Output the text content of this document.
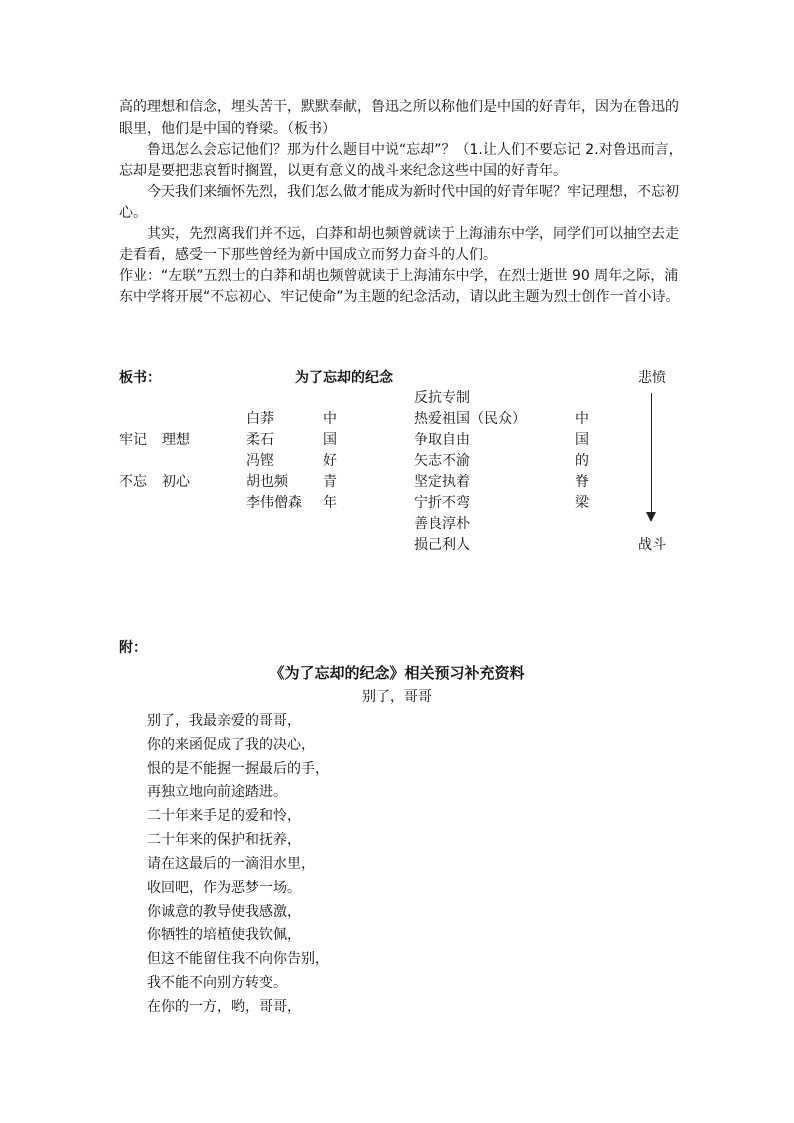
高的理想和信念，埋头苦干，默默奉献，鲁迅之所以称他们是中国的好青年，因为在鲁迅的
眼里，他们是中国的脊梁。（板书）
鲁迅怎么会忘记他们？那为什么题目中说“忘却”？（1.让人们不要忘记 2.对鲁迅而言，
忘却是要把悲哀暂时搁置，以更有意义的战斗来纪念这些中国的好青年。
今天我们来缅怀先烈，我们怎么做才能成为新时代中国的好青年呢？牢记理想，不忘初
心。
其实，先烈离我们并不远，白莽和胡也频曾就读于上海浦东中学，同学们可以抽空去走
走看看，感受一下那些曾经为新中国成立而努力奋斗的人们。
作业：“左联”五烈士的白莽和胡也频曾就读于上海浦东中学，在烈士逝世 90 周年之际，浦
东中学将开展“不忘初心、牢记使命”为主题的纪念活动，请以此主题为烈士创作一首小诗。
板书：	为了忘却的纪念	悲愤
牢记 理想
不忘 初心
白莽
柔石
冯铿
胡也频
李伟僧森
中
国
好
青
年
反抗专制
热爱祖国（民众）
争取自由
矢志不渝
坚定执着
宁折不弯
善良淳朴
损己利人
中
国
的
脊
梁
战斗
附：
《为了忘却的纪念》相关预习补充资料
别了，哥哥
别了，我最亲爱的哥哥，
你的来函促成了我的决心，
恨的是不能握一握最后的手，
再独立地向前途踏进。
二十年来手足的爱和怜，
二十年来的保护和抚养，
请在这最后的一滴泪水里，
收回吧，作为恶梦一场。
你诚意的教导使我感激，
你牺牲的培植使我钦佩，
但这不能留住我不向你告别，
我不能不向别方转变。
在你的一方，哟，哥哥，
